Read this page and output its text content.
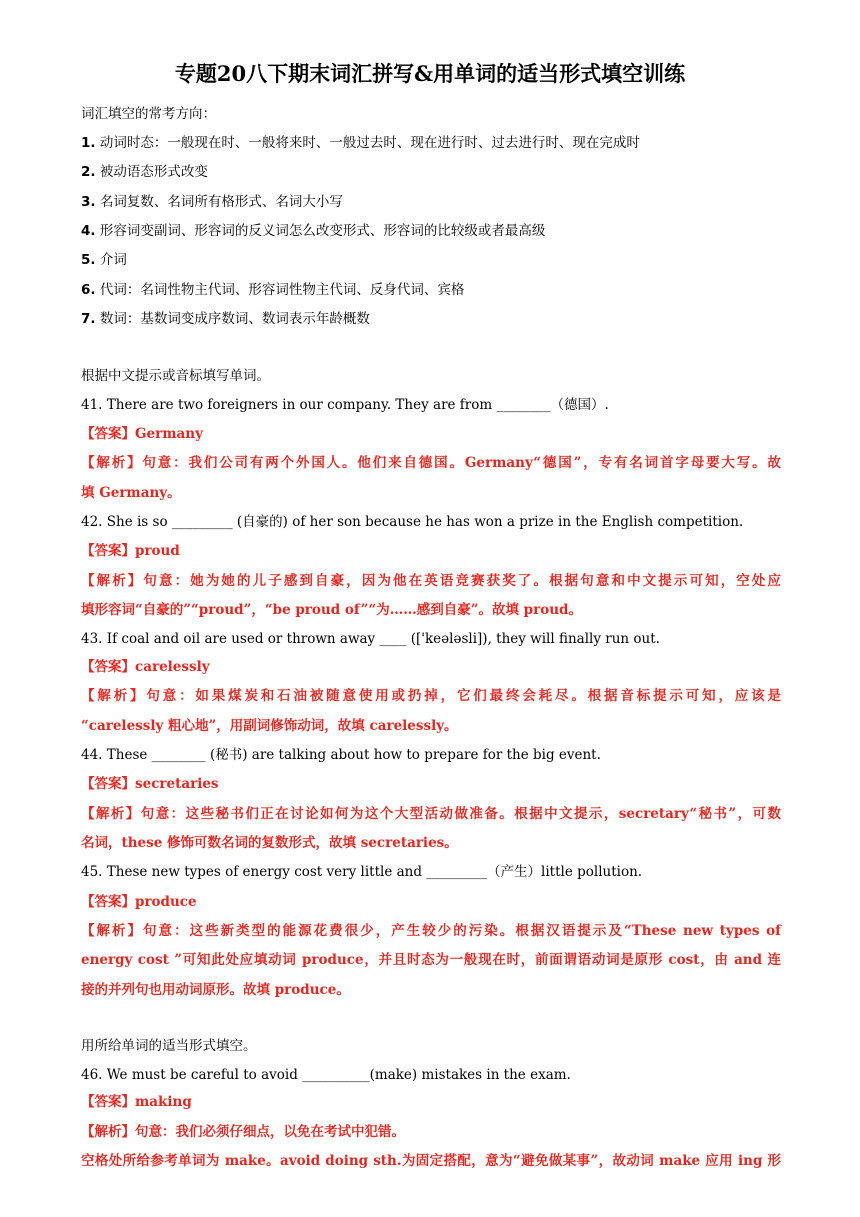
专题20八下期末词汇拼写&用单词的适当形式填空训练
词汇填空的常考方向：
1. 动词时态：一般现在时、一般将来时、一般过去时、现在进行时、过去进行时、现在完成时
2. 被动语态形式改变
3. 名词复数、名词所有格形式、名词大小写
4. 形容词变副词、形容词的反义词怎么改变形式、形容词的比较级或者最高级
5. 介词
6. 代词：名词性物主代词、形容词性物主代词、反身代词、宾格
7. 数词：基数词变成序数词、数词表示年龄概数
根据中文提示或音标填写单词。
41. There are two foreigners in our company. They are from ________（德国）.
【答案】Germany
【解析】句意：我们公司有两个外国人。他们来自德国。Germany“德国”，专有名词首字母要大写。故
填 Germany。
42. She is so _________ (自豪的) of her son because he has won a prize in the English competition.
【答案】proud
【解析】句意：她为她的儿子感到自豪，因为他在英语竞赛获奖了。根据句意和中文提示可知，空处应
填形容词“自豪的”“proud”，“be proud of”“为……感到自豪”。故填 proud。
43. If coal and oil are used or thrown away ____ (['keələsli]), they will finally run out.
【答案】carelessly
【解析】句意：如果煤炭和石油被随意使用或扔掉，它们最终会耗尽。根据音标提示可知，应该是
“carelessly 粗心地”，用副词修饰动词，故填 carelessly。
44. These ________ (秘书) are talking about how to prepare for the big event.
【答案】secretaries
【解析】句意：这些秘书们正在讨论如何为这个大型活动做准备。根据中文提示，secretary“秘书”，可数
名词，these 修饰可数名词的复数形式，故填 secretaries。
45. These new types of energy cost very little and _________（产生）little pollution.
【答案】produce
【解析】句意：这些新类型的能源花费很少，产生较少的污染。根据汉语提示及“These new types of
energy cost ”可知此处应填动词 produce，并且时态为一般现在时，前面谓语动词是原形 cost，由 and 连
接的并列句也用动词原形。故填 produce。
用所给单词的适当形式填空。
46. We must be careful to avoid __________(make) mistakes in the exam.
【答案】making
【解析】句意：我们必须仔细点，以免在考试中犯错。
空格处所给参考单词为 make。avoid doing sth.为固定搭配，意为“避免做某事”，故动词 make 应用 ing 形
